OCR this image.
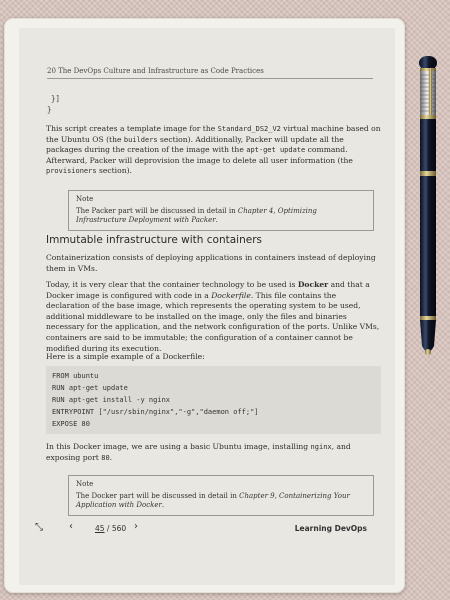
20 The DevOps Culture and Infrastructure as Code Practices
}]
}
This script creates a template image for the Standard_DS2_V2 virtual machine based on the Ubuntu OS (the builders section). Additionally, Packer will update all the packages during the creation of the image with the apt-get update command. Afterward, Packer will deprovision the image to delete all user information (the provisioners section).
Note
The Packer part will be discussed in detail in Chapter 4, Optimizing Infrastructure Deployment with Packer.
Immutable infrastructure with containers
Containerization consists of deploying applications in containers instead of deploying them in VMs.
Today, it is very clear that the container technology to be used is Docker and that a Docker image is configured with code in a Dockerfile. This file contains the declaration of the base image, which represents the operating system to be used, additional middleware to be installed on the image, only the files and binaries necessary for the application, and the network configuration of the ports. Unlike VMs, containers are said to be immutable; the configuration of a container cannot be modified during its execution.
Here is a simple example of a Dockerfile:
FROM ubuntu
RUN apt-get update
RUN apt-get install -y nginx
ENTRYPOINT ["/usr/sbin/nginx","-g","daemon off;"]
EXPOSE 80
In this Docker image, we are using a basic Ubuntu image, installing nginx, and exposing port 80.
Note
The Docker part will be discussed in detail in Chapter 9, Containerizing Your Application with Docker.
⤡	‹	45 / 560 ›	Learning DevOps
